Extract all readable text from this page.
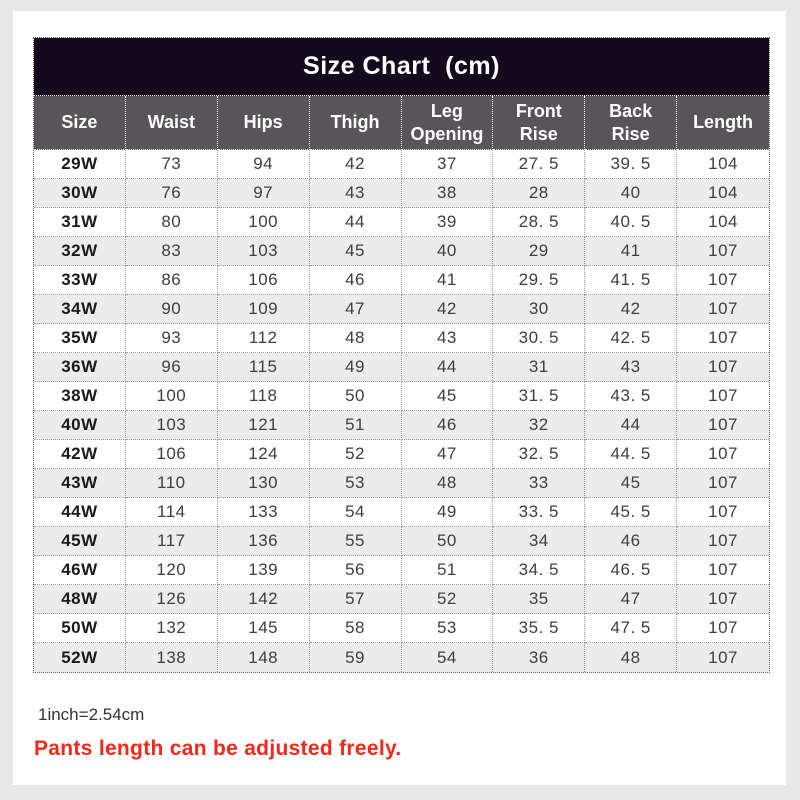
Size Chart  (cm)							
Size	Waist	Hips	Thigh	Leg Opening	Front Rise	Back Rise	Length
29W	73	94	42	37	27. 5	39. 5	104
30W	76	97	43	38	28	40	104
31W	80	100	44	39	28. 5	40. 5	104
32W	83	103	45	40	29	41	107
33W	86	106	46	41	29. 5	41. 5	107
34W	90	109	47	42	30	42	107
35W	93	112	48	43	30. 5	42. 5	107
36W	96	115	49	44	31	43	107
38W	100	118	50	45	31. 5	43. 5	107
40W	103	121	51	46	32	44	107
42W	106	124	52	47	32. 5	44. 5	107
43W	110	130	53	48	33	45	107
44W	114	133	54	49	33. 5	45. 5	107
45W	117	136	55	50	34	46	107
46W	120	139	56	51	34. 5	46. 5	107
48W	126	142	57	52	35	47	107
50W	132	145	58	53	35. 5	47. 5	107
52W	138	148	59	54	36	48	107
1inch=2.54cm
Pants length can be adjusted freely.
